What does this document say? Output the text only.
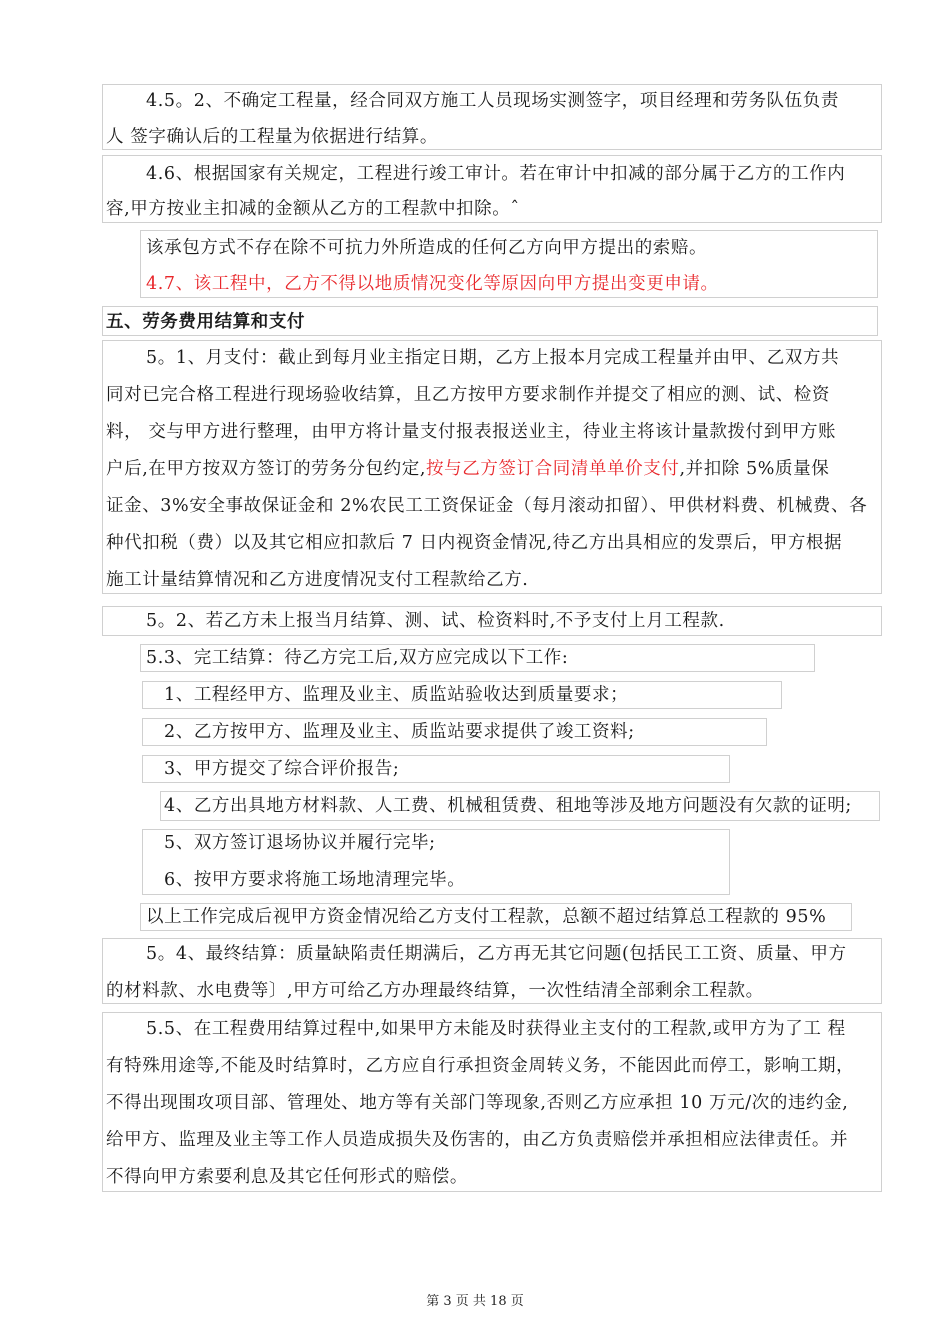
4.5。2、不确定工程量，经合同双方施工人员现场实测签字，项目经理和劳务队伍负责
人 签字确认后的工程量为依据进行结算。
4.6、根据国家有关规定，工程进行竣工审计。若在审计中扣减的部分属于乙方的工作内
容,甲方按业主扣减的金额从乙方的工程款中扣除。ˆ
该承包方式不存在除不可抗力外所造成的任何乙方向甲方提出的索赔。
4.7、该工程中，乙方不得以地质情况变化等原因向甲方提出变更申请。
五、劳务费用结算和支付
5。1、月支付：截止到每月业主指定日期，乙方上报本月完成工程量并由甲、乙双方共
同对已完合格工程进行现场验收结算，且乙方按甲方要求制作并提交了相应的测、试、检资
料， 交与甲方进行整理，由甲方将计量支付报表报送业主，待业主将该计量款拨付到甲方账
户后,在甲方按双方签订的劳务分包约定,按与乙方签订合同清单单价支付,并扣除 5%质量保
证金、3%安全事故保证金和 2%农民工工资保证金（每月滚动扣留）、甲供材料费、机械费、各
种代扣税（费）以及其它相应扣款后 7 日内视资金情况,待乙方出具相应的发票后，甲方根据
施工计量结算情况和乙方进度情况支付工程款给乙方.
5。2、若乙方未上报当月结算、测、试、检资料时,不予支付上月工程款.
5.3、完工结算：待乙方完工后,双方应完成以下工作:
1、工程经甲方、监理及业主、质监站验收达到质量要求；
2、乙方按甲方、监理及业主、质监站要求提供了竣工资料;
3、甲方提交了综合评价报告;
4、乙方出具地方材料款、人工费、机械租赁费、租地等涉及地方问题没有欠款的证明;
5、双方签订退场协议并履行完毕;
6、按甲方要求将施工场地清理完毕。
以上工作完成后视甲方资金情况给乙方支付工程款，总额不超过结算总工程款的 95%
5。4、最终结算：质量缺陷责任期满后，乙方再无其它问题(包括民工工资、质量、甲方
的材料款、水电费等〕,甲方可给乙方办理最终结算，一次性结清全部剩余工程款。
5.5、在工程费用结算过程中,如果甲方未能及时获得业主支付的工程款,或甲方为了工 程
有特殊用途等,不能及时结算时，乙方应自行承担资金周转义务，不能因此而停工，影响工期，
不得出现围攻项目部、管理处、地方等有关部门等现象,否则乙方应承担 10 万元/次的违约金,
给甲方、监理及业主等工作人员造成损失及伤害的，由乙方负责赔偿并承担相应法律责任。并
不得向甲方索要利息及其它任何形式的赔偿。
第 3 页 共 18 页
